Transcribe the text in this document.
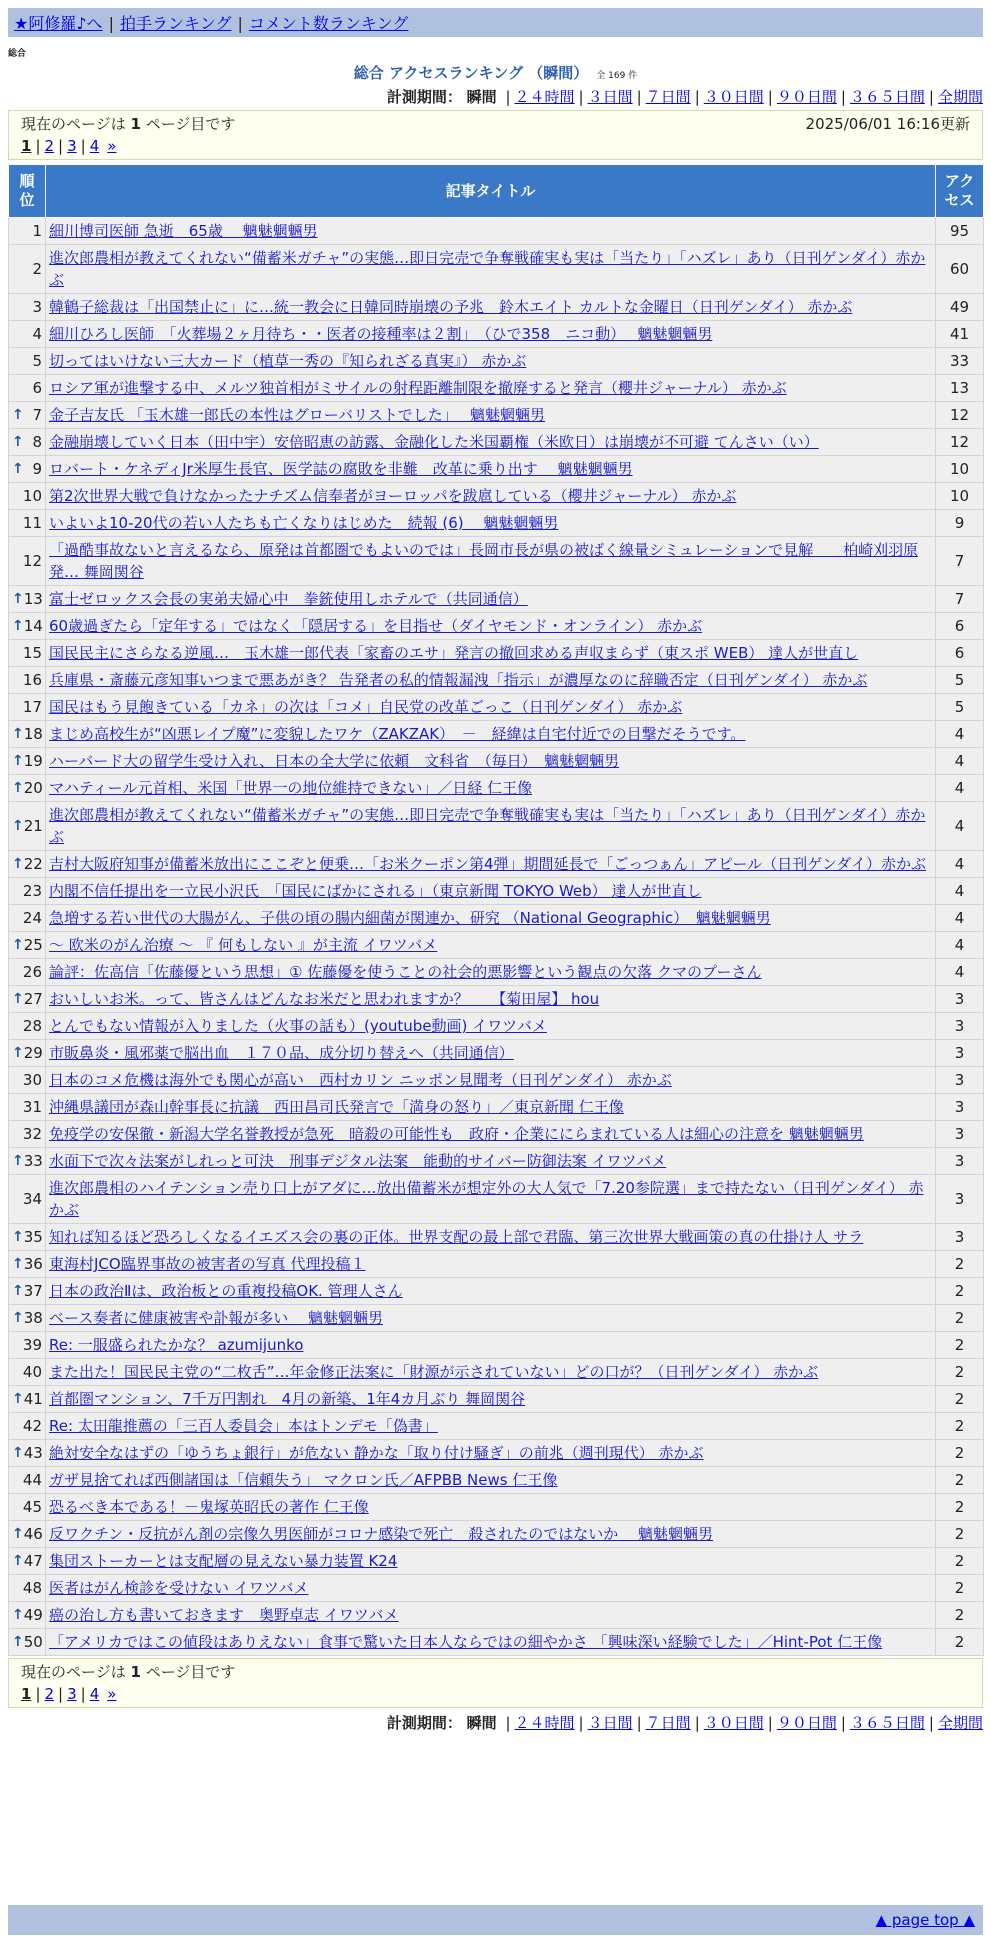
★阿修羅♪へ | 拍手ランキング | コメント数ランキング
総合
総合 アクセスランキング （瞬間） 全 169 件
計測期間： 瞬間 | ２４時間 | ３日間 | ７日間 | ３０日間 | ９０日間 | ３６５日間 | 全期間
現在のページは 1 ページ目です	2025/06/01 16:16更新
1 | 2 | 3 | 4 »
順位	記事タイトル	アクセス
1	細川博司医師 急逝　65歳　 魑魅魍魎男	95
2	進次郎農相が教えてくれない“備蓄米ガチャ”の実態…即日完売で争奪戦確実も実は「当たり」「ハズレ」あり（日刊ゲンダイ）赤かぶ	60
3	韓鶴子総裁は「出国禁止に」に…統一教会に日韓同時崩壊の予兆　鈴木エイト カルトな金曜日（日刊ゲンダイ） 赤かぶ	49
4	細川ひろし医師　「火葬場２ヶ月待ち・・医者の接種率は２割」　（ひで358　ニコ動）　 魑魅魍魎男	41
5	切ってはいけない三大カード（植草一秀の『知られざる真実』） 赤かぶ	33
6	ロシア軍が進撃する中、メルツ独首相がミサイルの射程距離制限を撤廃すると発言（櫻井ジャーナル） 赤かぶ	13

↑ 7	金子吉友氏 「玉木雄一郎氏の本性はグローバリストでした」　 魑魅魍魎男	12

↑ 8	金融崩壊していく日本（田中宇）安倍昭恵の訪露、金融化した米国覇権（米欧日）は崩壊が不可避 てんさい（い）	12

↑ 9	ロバート・ケネディJr米厚生長官、医学誌の腐敗を非難　改革に乗り出す　 魑魅魍魎男	10
10	第2次世界大戦で負けなかったナチズム信奉者がヨーロッパを跋扈している（櫻井ジャーナル） 赤かぶ	10
11	いよいよ10-20代の若い人たちも亡くなりはじめた　続報 (6)　 魑魅魍魎男	9
12	「過酷事故ないと言えるなら、原発は首都圏でもよいのでは」長岡市長が県の被ばく線量シミュレーションで見解　　柏崎刈羽原発… 舞岡関谷	7

↑ 13	富士ゼロックス会長の実弟夫婦心中　拳銃使用しホテルで（共同通信）	7

↑ 14	60歳過ぎたら「定年する」ではなく「隠居する」を目指せ（ダイヤモンド・オンライン） 赤かぶ	6
15	国民民主にさらなる逆風…　玉木雄一郎代表「家畜のエサ」発言の撤回求める声収まらず（東スポ WEB） 達人が世直し	6
16	兵庫県・斎藤元彦知事いつまで悪あがき？ 告発者の私的情報漏洩「指示」が濃厚なのに辞職否定（日刊ゲンダイ） 赤かぶ	5
17	国民はもう見飽きている「カネ」の次は「コメ」自民党の改革ごっこ（日刊ゲンダイ） 赤かぶ	5

↑ 18	まじめ高校生が“凶悪レイプ魔”に変貌したワケ（ZAKZAK）　－　経緯は自宅付近での目撃だそうです。	4

↑ 19	ハーバード大の留学生受け入れ、日本の全大学に依頼　文科省　（毎日）　魑魅魍魎男	4

↑ 20	マハティール元首相、米国「世界一の地位維持できない」／日経 仁王像	4

↑ 21	進次郎農相が教えてくれない“備蓄米ガチャ”の実態…即日完売で争奪戦確実も実は「当たり」「ハズレ」あり（日刊ゲンダイ）赤かぶ	4

↑ 22	吉村大阪府知事が備蓄米放出にここぞと便乗…「お米クーポン第4弾」期間延長で「ごっつぁん」アピール（日刊ゲンダイ）赤かぶ	4
23	内閣不信任提出を一立民小沢氏　「国民にばかにされる」（東京新聞 TOKYO Web） 達人が世直し	4
24	急増する若い世代の大腸がん、子供の頃の腸内細菌が関連か、研究 （National Geographic）　魑魅魍魎男	4

↑ 25	～ 欧米のがん治療 ～ 『 何もしない 』が主流 イワツバメ	4
26	論評：佐高信「佐藤優という思想」① 佐藤優を使うことの社会的悪影響という観点の欠落 クマのプーさん	4

↑ 27	おいしいお米。って、皆さんはどんなお米だと思われますか？　　【菊田屋】 hou	3
28	とんでもない情報が入りました（火事の話も）(youtube動画) イワツバメ	3

↑ 29	市販鼻炎・風邪薬で脳出血　１７０品、成分切り替えへ（共同通信）	3
30	日本のコメ危機は海外でも関心が高い　西村カリン ニッポン見聞考（日刊ゲンダイ） 赤かぶ	3
31	沖縄県議団が森山幹事長に抗議　西田昌司氏発言で「満身の怒り」／東京新聞 仁王像	3
32	免疫学の安保徹・新潟大学名誉教授が急死　暗殺の可能性も　政府・企業ににらまれている人は細心の注意を 魑魅魍魎男	3

↑ 33	水面下で次々法案がしれっと可決　刑事デジタル法案　能動的サイバー防御法案 イワツバメ	3
34	進次郎農相のハイテンション売り口上がアダに…放出備蓄米が想定外の大人気で「7.20参院選」まで持たない（日刊ゲンダイ） 赤かぶ	3

↑ 35	知れば知るほど恐ろしくなるイエズス会の裏の正体。世界支配の最上部で君臨、第三次世界大戦画策の真の仕掛け人 サラ	3

↑ 36	東海村JCO臨界事故の被害者の写真 代理投稿１	2

↑ 37	日本の政治Ⅱは、政治板との重複投稿OK. 管理人さん	2

↑ 38	ベース奏者に健康被害や訃報が多い　 魑魅魍魎男	2
39	Re: 一服盛られたかな？ azumijunko	2
40	また出た！国民民主党の“二枚舌”…年金修正法案に「財源が示されていない」どの口が？（日刊ゲンダイ） 赤かぶ	2

↑ 41	首都圏マンション、7千万円割れ　4月の新築、1年4カ月ぶり 舞岡関谷	2
42	Re: 太田龍推薦の「三百人委員会」本はトンデモ「偽書」	2

↑ 43	絶対安全なはずの「ゆうちょ銀行」が危ない 静かな「取り付け騒ぎ」の前兆（週刊現代） 赤かぶ	2
44	ガザ見捨てれば西側諸国は「信頼失う」 マクロン氏／AFPBB News 仁王像	2
45	恐るべき本である！－鬼塚英昭氏の著作 仁王像	2

↑ 46	反ワクチン・反抗がん剤の宗像久男医師がコロナ感染で死亡　殺されたのではないか　 魑魅魍魎男	2

↑ 47	集団ストーカーとは支配層の見えない暴力装置 K24	2
48	医者はがん検診を受けない イワツバメ	2

↑ 49	癌の治し方も書いておきます　奥野卓志 イワツバメ	2

↑ 50	「アメリカではこの値段はありえない」食事で驚いた日本人ならではの細やかさ 「興味深い経験でした」／Hint-Pot 仁王像	2
現在のページは 1 ページ目です
1 | 2 | 3 | 4 »
計測期間： 瞬間 | ２４時間 | ３日間 | ７日間 | ３０日間 | ９０日間 | ３６５日間 | 全期間
▲ page top ▲
